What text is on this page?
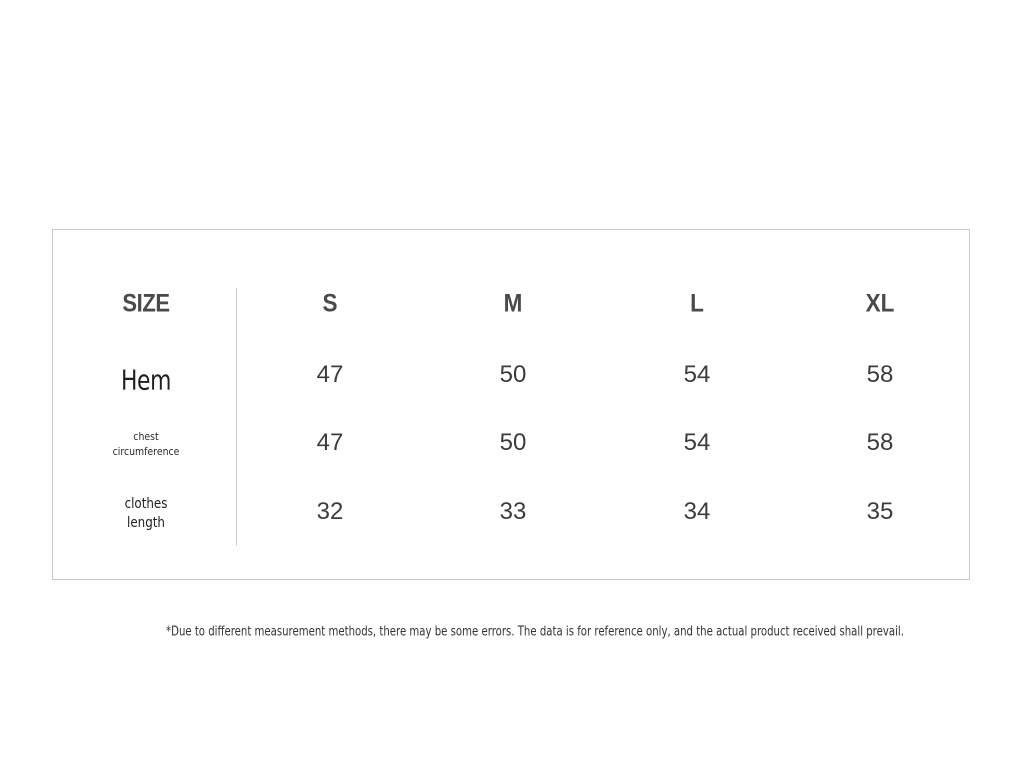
SIZE	S	M	L	XL
Hem	47	50	54	58
chest
circumference	47	50	54	58
clothes
length	32	33	34	35
*Due to different measurement methods, there may be some errors. The data is for reference only, and the actual product received shall prevail.
